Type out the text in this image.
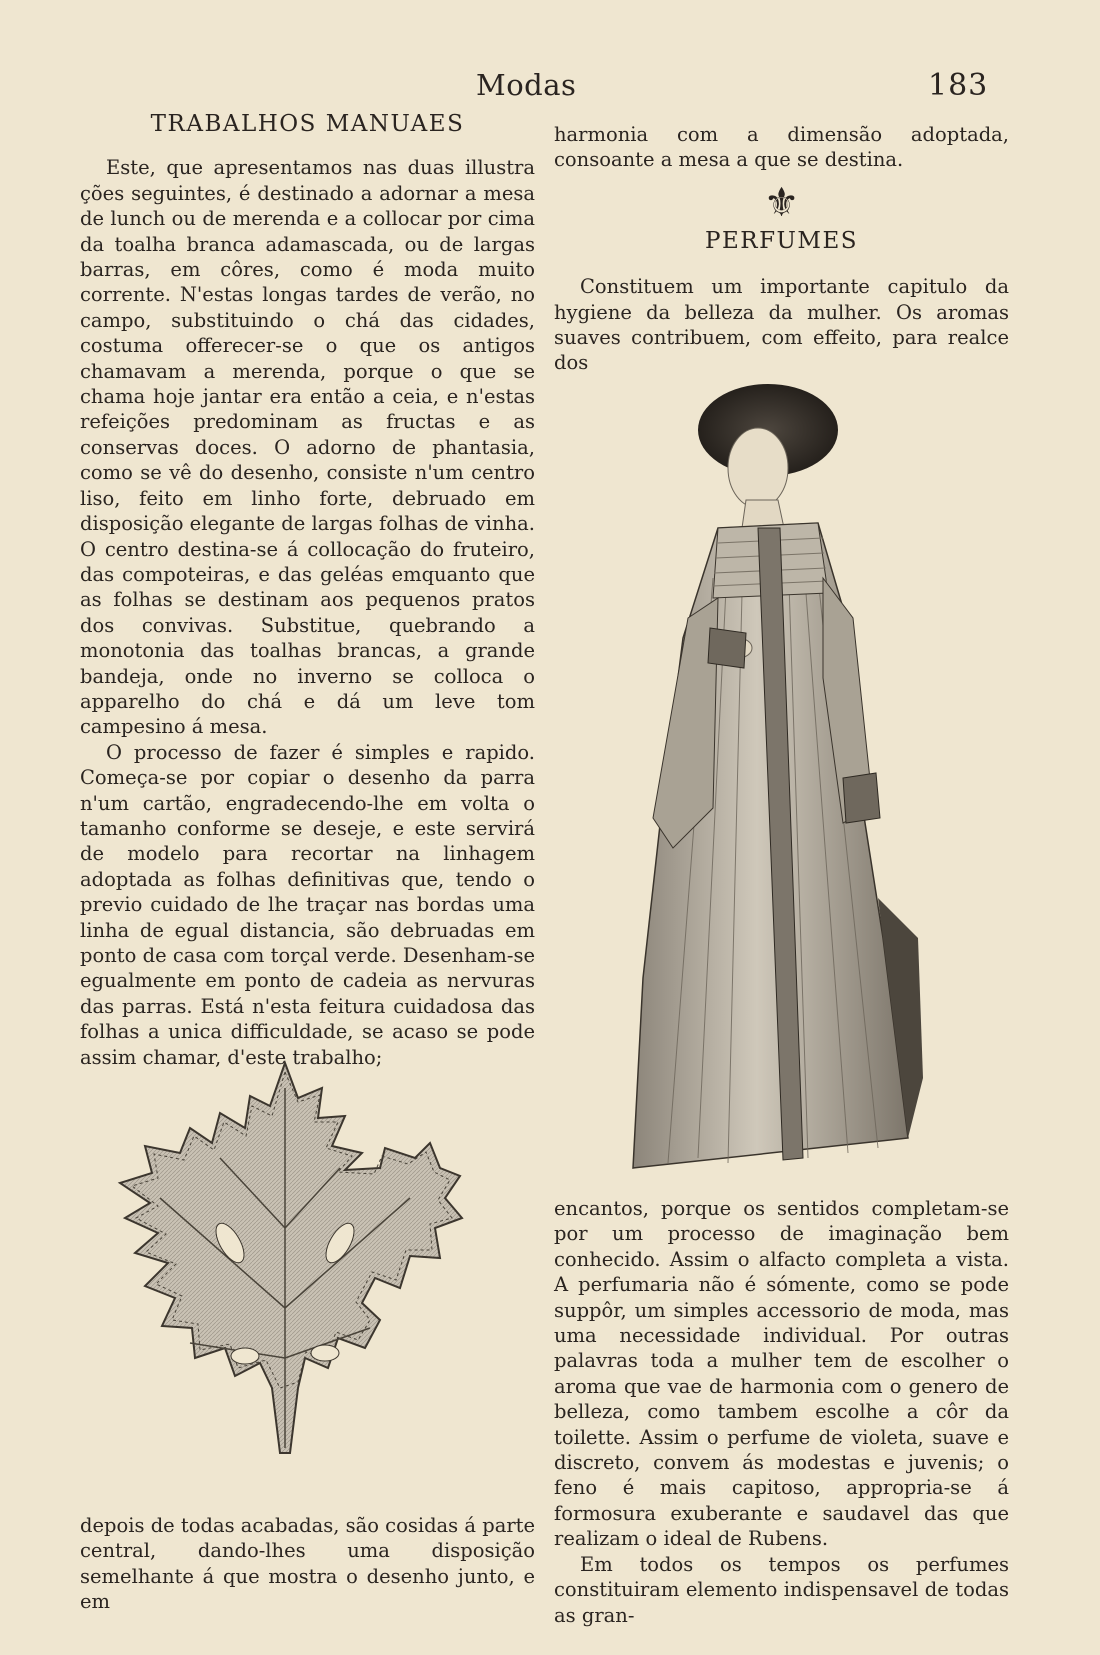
Modas	183
TRABALHOS MANUAES

Este, que apresentamos nas duas illustra ções seguintes, é destinado a adornar a mesa de lunch ou de merenda e a collocar por cima da toalha branca adamascada, ou de largas barras, em côres, como é moda muito corrente. N'estas longas tardes de verão, no campo, substituindo o chá das cidades, costuma offerecer-se o que os antigos chamavam a merenda, porque o que se chama hoje jantar era então a ceia, e n'estas refeições predominam as fructas e as conservas doces. O adorno de phantasia, como se vê do desenho, consiste n'um centro liso, feito em linho forte, debruado em disposição elegante de largas folhas de vinha. O centro destina-se á collocação do fruteiro, das compoteiras, e das geléas emquanto que as folhas se destinam aos pequenos pratos dos convivas. Substitue, quebrando a monotonia das toalhas brancas, a grande bandeja, onde no inverno se colloca o apparelho do chá e dá um leve tom campesino á mesa.

O processo de fazer é simples e rapido. Começa-se por copiar o desenho da parra n'um cartão, engradecendo-lhe em volta o tamanho conforme se deseje, e este servirá de modelo para recortar na linhagem adoptada as folhas definitivas que, tendo o previo cuidado de lhe traçar nas bordas uma linha de egual distancia, são debruadas em ponto de casa com torçal verde. Desenham-se egualmente em ponto de cadeia as nervuras das parras. Está n'esta feitura cuidadosa das folhas a unica difficuldade, se acaso se pode assim chamar, d'este trabalho;

depois de todas acabadas, são cosidas á parte central, dando-lhes uma disposição semelhante á que mostra o desenho junto, e em

harmonia com a dimensão adoptada, consoante a mesa a que se destina.

⚜
PERFUMES

Constituem um importante capitulo da hygiene da belleza da mulher. Os aromas suaves contribuem, com effeito, para realce dos

encantos, porque os sentidos completam-se por um processo de imaginação bem conhecido. Assim o alfacto completa a vista. A perfumaria não é sómente, como se pode suppôr, um simples accessorio de moda, mas uma necessidade individual. Por outras palavras toda a mulher tem de escolher o aroma que vae de harmonia com o genero de belleza, como tambem escolhe a côr da toilette. Assim o perfume de violeta, suave e discreto, convem ás modestas e juvenis; o feno é mais capitoso, appropria-se á formosura exuberante e saudavel das que realizam o ideal de Rubens.

Em todos os tempos os perfumes constituiram elemento indispensavel de todas as gran-
